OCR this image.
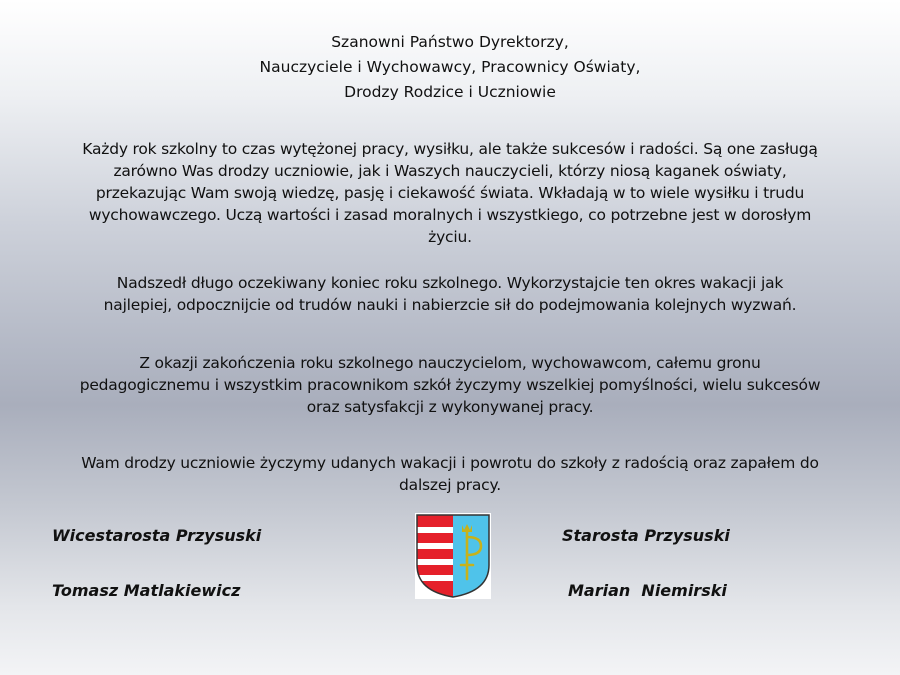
Szanowni Państwo Dyrektorzy,
Nauczyciele i Wychowawcy, Pracownicy Oświaty,
Drodzy Rodzice i Uczniowie
Każdy rok szkolny to czas wytężonej pracy, wysiłku, ale także sukcesów i radości. Są one zasługą
zarówno Was drodzy uczniowie, jak i Waszych nauczycieli, którzy niosą kaganek oświaty,
przekazując Wam swoją wiedzę, pasję i ciekawość świata. Wkładają w to wiele wysiłku i trudu
wychowawczego. Uczą wartości i zasad moralnych i wszystkiego, co potrzebne jest w dorosłym
życiu.
Nadszedł długo oczekiwany koniec roku szkolnego. Wykorzystajcie ten okres wakacji jak
najlepiej, odpocznijcie od trudów nauki i nabierzcie sił do podejmowania kolejnych wyzwań.
Z okazji zakończenia roku szkolnego nauczycielom, wychowawcom, całemu gronu
pedagogicznemu i wszystkim pracownikom szkół życzymy wszelkiej pomyślności, wielu sukcesów
oraz satysfakcji z wykonywanej pracy.
Wam drodzy uczniowie życzymy udanych wakacji i powrotu do szkoły z radością oraz zapałem do
dalszej pracy.
Wicestarosta Przysuski
Tomasz Matlakiewicz
Starosta Przysuski
Marian  Niemirski
